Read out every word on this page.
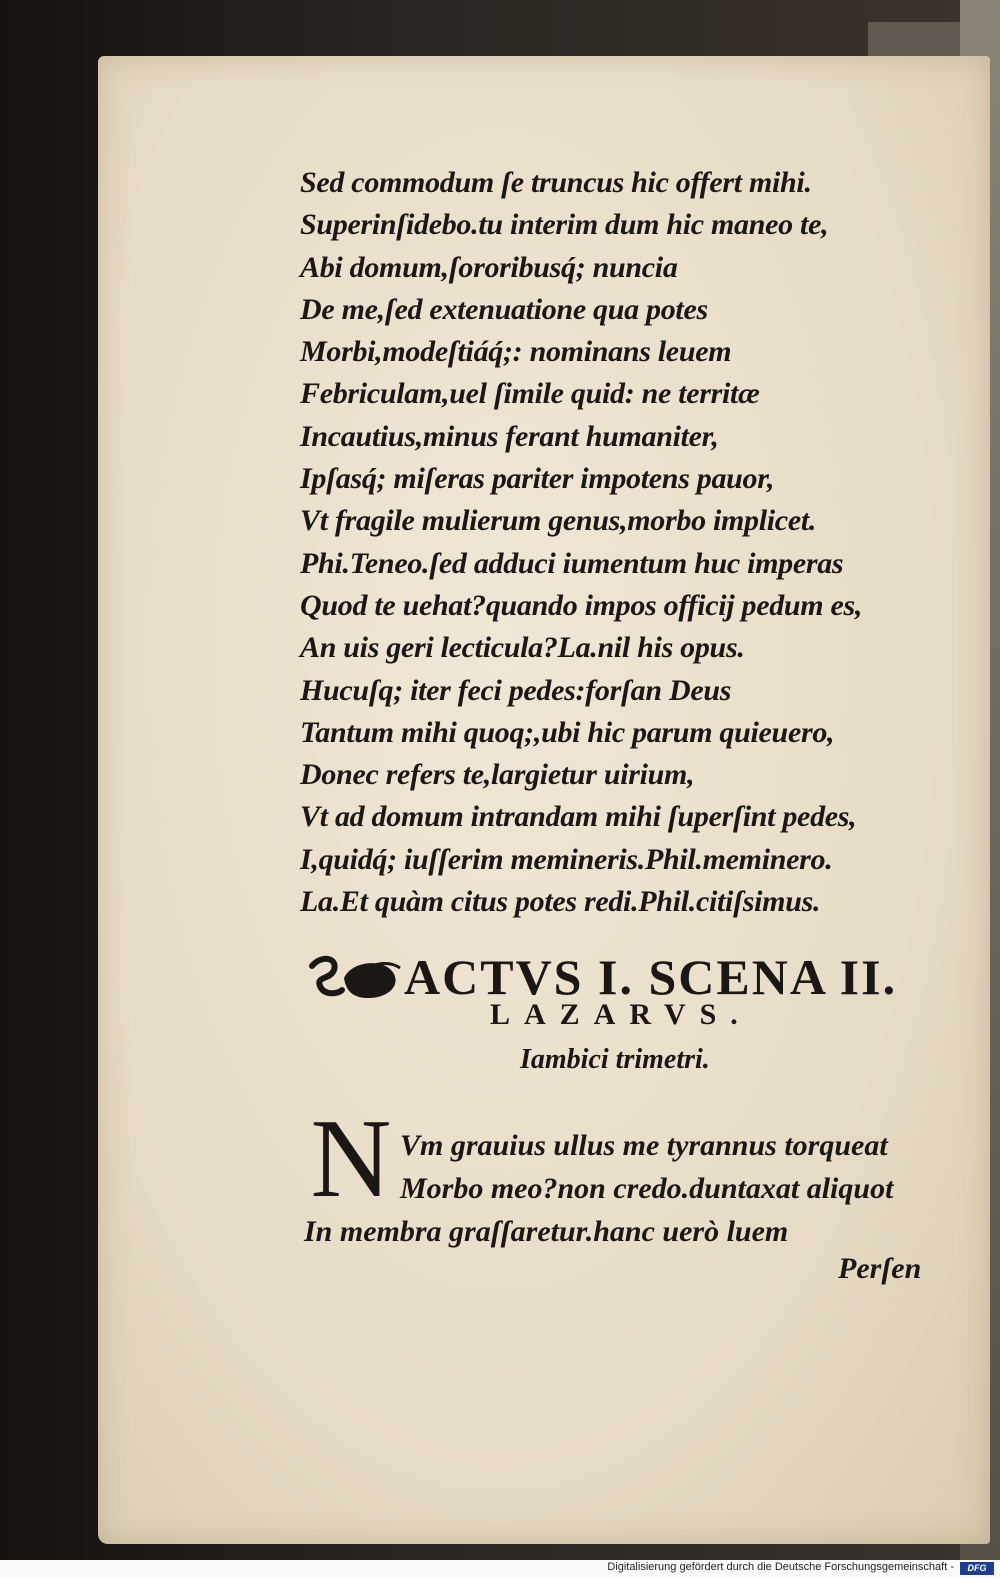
Sed commodum ſe truncus hic offert mihi.
Superinſidebo.tu interim dum hic maneo te,
Abi domum,ſororibusq́; nuncia
De me,ſed extenuatione qua potes
Morbi,modeſtiáq́;: nominans leuem
Febriculam,uel ſimile quid: ne territæ
Incautius,minus ferant humaniter,
Ipſasq́; miſeras pariter impotens pauor,
Vt fragile mulierum genus,morbo implicet.
Phi.Teneo.ſed adduci iumentum huc imperas
Quod te uehat?quando impos officij pedum es,
An uis geri lecticula?La.nil his opus.
Hucuſq; iter feci pedes:forſan Deus
Tantum mihi quoq;,ubi hic parum quieuero,
Donec refers te,largietur uirium,
Vt ad domum intrandam mihi ſuperſint pedes,
I,quidq́; iuſſerim memineris.Phil.meminero.
La.Et quàm citus potes redi.Phil.citiſsimus.
ACTVS I. SCENA II.
LAZARVS.
Iambici trimetri.
N Vm grauius ullus me tyrannus torqueat
Morbo meo?non credo.duntaxat aliquot
In membra graſſaretur.hanc uerò luem
Perſen
Digitalisierung gefördert durch die Deutsche Forschungsgemeinschaft -	DFG
